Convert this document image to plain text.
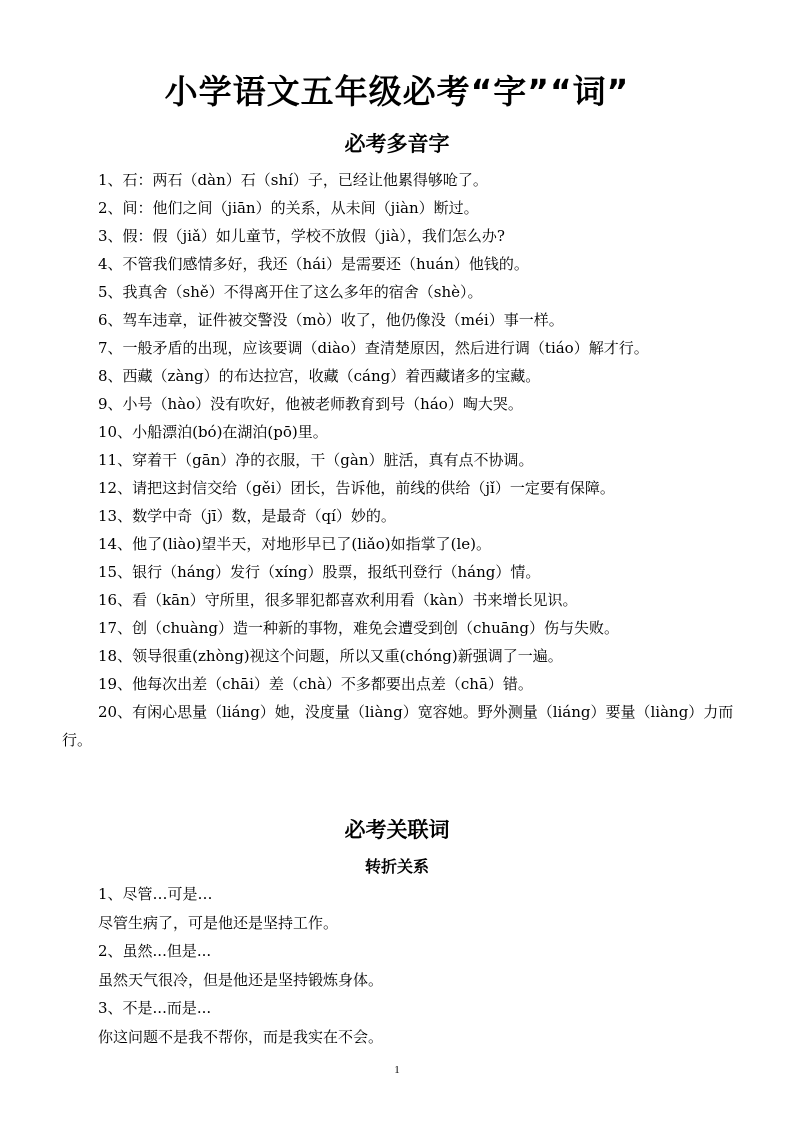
小学语文五年级必考“字”“词”
必考多音字
1、石：两石（dàn）石（shí）子，已经让他累得够呛了。
2、间：他们之间（jiān）的关系，从未间（jiàn）断过。
3、假：假（jiǎ）如儿童节，学校不放假（jià），我们怎么办?
4、不管我们感情多好，我还（hái）是需要还（huán）他钱的。
5、我真舍（shě）不得离开住了这么多年的宿舍（shè）。
6、驾车违章，证件被交警没（mò）收了，他仍像没（méi）事一样。
7、一般矛盾的出现，应该要调（diào）查清楚原因，然后进行调（tiáo）解才行。
8、西藏（zàng）的布达拉宫，收藏（cáng）着西藏诸多的宝藏。
9、小号（hào）没有吹好，他被老师教育到号（háo）啕大哭。
10、小船漂泊(bó)在湖泊(pō)里。
11、穿着干（gān）净的衣服，干（gàn）脏活，真有点不协调。
12、请把这封信交给（gěi）团长，告诉他，前线的供给（jǐ）一定要有保障。
13、数学中奇（jī）数，是最奇（qí）妙的。
14、他了(liào)望半天，对地形早已了(liǎo)如指掌了(le)。
15、银行（háng）发行（xíng）股票，报纸刊登行（háng）情。
16、看（kān）守所里，很多罪犯都喜欢利用看（kàn）书来增长见识。
17、创（chuàng）造一种新的事物，难免会遭受到创（chuāng）伤与失败。
18、领导很重(zhòng)视这个问题，所以又重(chóng)新强调了一遍。
19、他每次出差（chāi）差（chà）不多都要出点差（chā）错。
20、有闲心思量（liáng）她，没度量（liàng）宽容她。野外测量（liáng）要量（liàng）力而行。
必考关联词
转折关系
1、尽管…可是…
尽管生病了，可是他还是坚持工作。
2、虽然...但是...
虽然天气很冷，但是他还是坚持锻炼身体。
3、不是...而是...
你这问题不是我不帮你，而是我实在不会。
1
